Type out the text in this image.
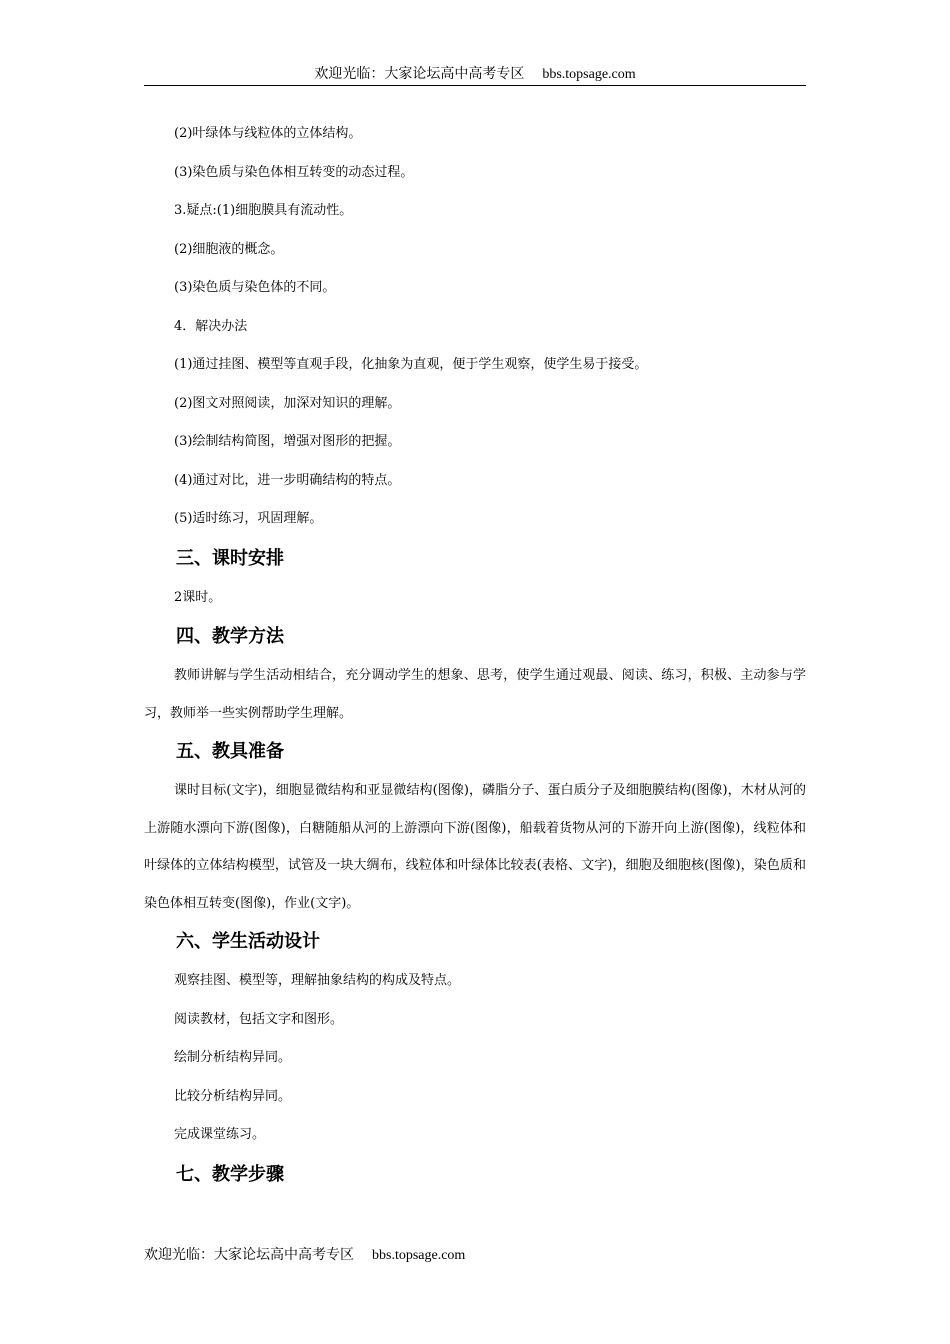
欢迎光临：大家论坛高中高考专区 bbs.topsage.com
(2)叶绿体与线粒体的立体结构。
(3)染色质与染色体相互转变的动态过程。
3.疑点:(1)细胞膜具有流动性。
(2)细胞液的概念。
(3)染色质与染色体的不同。
4．解决办法
(1)通过挂图、模型等直观手段，化抽象为直观，便于学生观察，使学生易于接受。
(2)图文对照阅读，加深对知识的理解。
(3)绘制结构简图，增强对图形的把握。
(4)通过对比，进一步明确结构的特点。
(5)适时练习，巩固理解。
三、课时安排
2课时。
四、教学方法
教师讲解与学生活动相结合，充分调动学生的想象、思考，使学生通过观最、阅读、练习，积极、主动参与学习，教师举一些实例帮助学生理解。
五、教具准备
课时目标(文字)，细胞显微结构和亚显微结构(图像)，磷脂分子、蛋白质分子及细胞膜结构(图像)，木材从河的上游随水漂向下游(图像)，白糖随船从河的上游漂向下游(图像)，船载着货物从河的下游开向上游(图像)，线粒体和叶绿体的立体结构模型，试管及一块大绸布，线粒体和叶绿体比较表(表格、文字)，细胞及细胞核(图像)，染色质和染色体相互转变(图像)，作业(文字)。
六、学生活动设计
观察挂图、模型等，理解抽象结构的构成及特点。
阅读教材，包括文字和图形。
绘制分析结构异同。
比较分析结构异同。
完成课堂练习。
七、教学步骤
欢迎光临：大家论坛高中高考专区 bbs.topsage.com
